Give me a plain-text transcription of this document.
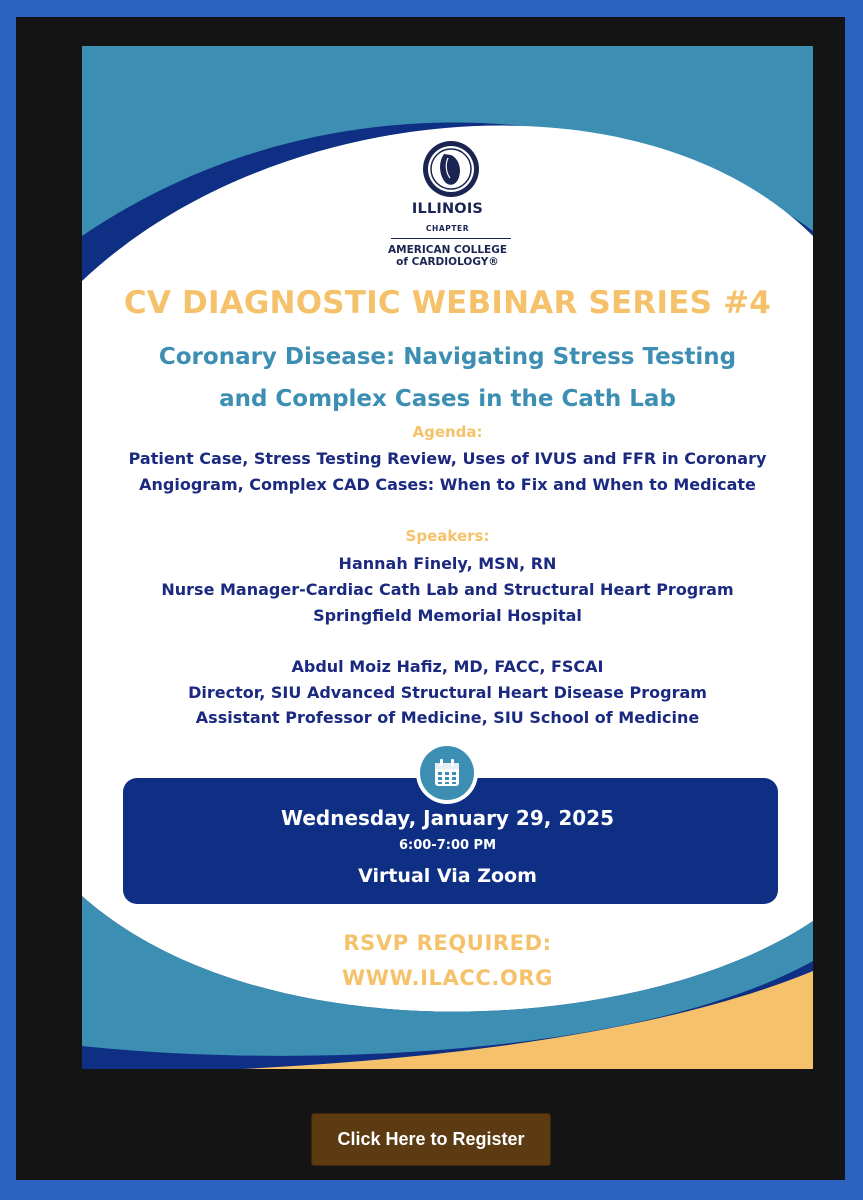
ILLINOIS
CHAPTER
AMERICAN COLLEGE
of CARDIOLOGY®
CV DIAGNOSTIC WEBINAR SERIES #4
Coronary Disease: Navigating Stress Testing
and Complex Cases in the Cath Lab
Agenda:
Patient Case, Stress Testing Review, Uses of IVUS and FFR in Coronary
Angiogram, Complex CAD Cases: When to Fix and When to Medicate
Speakers:
Hannah Finely, MSN, RN
Nurse Manager-Cardiac Cath Lab and Structural Heart Program
Springfield Memorial Hospital
Abdul Moiz Hafiz, MD, FACC, FSCAI
Director, SIU Advanced Structural Heart Disease Program
Assistant Professor of Medicine, SIU School of Medicine
Wednesday, January 29, 2025
6:00-7:00 PM
Virtual Via Zoom
RSVP REQUIRED:
WWW.ILACC.ORG
Click Here to Register
